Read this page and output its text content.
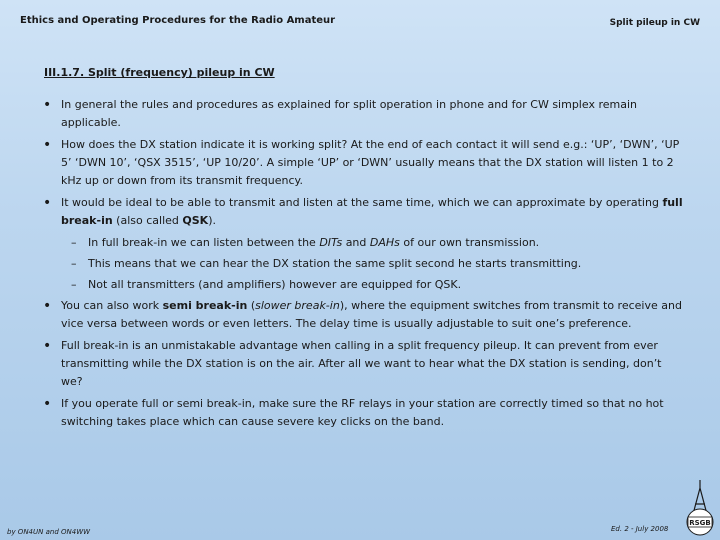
Ethics and Operating Procedures for the Radio Amateur	Split pileup in CW
III.1.7. Split (frequency) pileup in CW
• In general the rules and procedures as explained for split operation in phone and for CW simplex remain applicable.
• How does the DX station indicate it is working split? At the end of each contact it will send e.g.: ‘UP’, ‘DWN’, ‘UP 5’ ‘DWN 10’, ‘QSX 3515’, ‘UP 10/20’. A simple ‘UP’ or ‘DWN’ usually means that the DX station will listen 1 to 2 kHz up or down from its transmit frequency.
• It would be ideal to be able to transmit and listen at the same time, which we can approximate by operating full break-in (also called QSK).
– In full break-in we can listen between the DITs and DAHs of our own transmission.
– This means that we can hear the DX station the same split second he starts transmitting.
– Not all transmitters (and amplifiers) however are equipped for QSK.
• You can also work semi break-in (slower break-in), where the equipment switches from transmit to receive and vice versa between words or even letters. The delay time is usually adjustable to suit one’s preference.
• Full break-in is an unmistakable advantage when calling in a split frequency pileup. It can prevent from ever transmitting while the DX station is on the air. After all we want to hear what the DX station is sending, don’t we?
• If you operate full or semi break-in, make sure the RF relays in your station are correctly timed so that no hot switching takes place which can cause severe key clicks on the band.
by ON4UN and ON4WW	Ed. 2 - July 2008
RSGB
